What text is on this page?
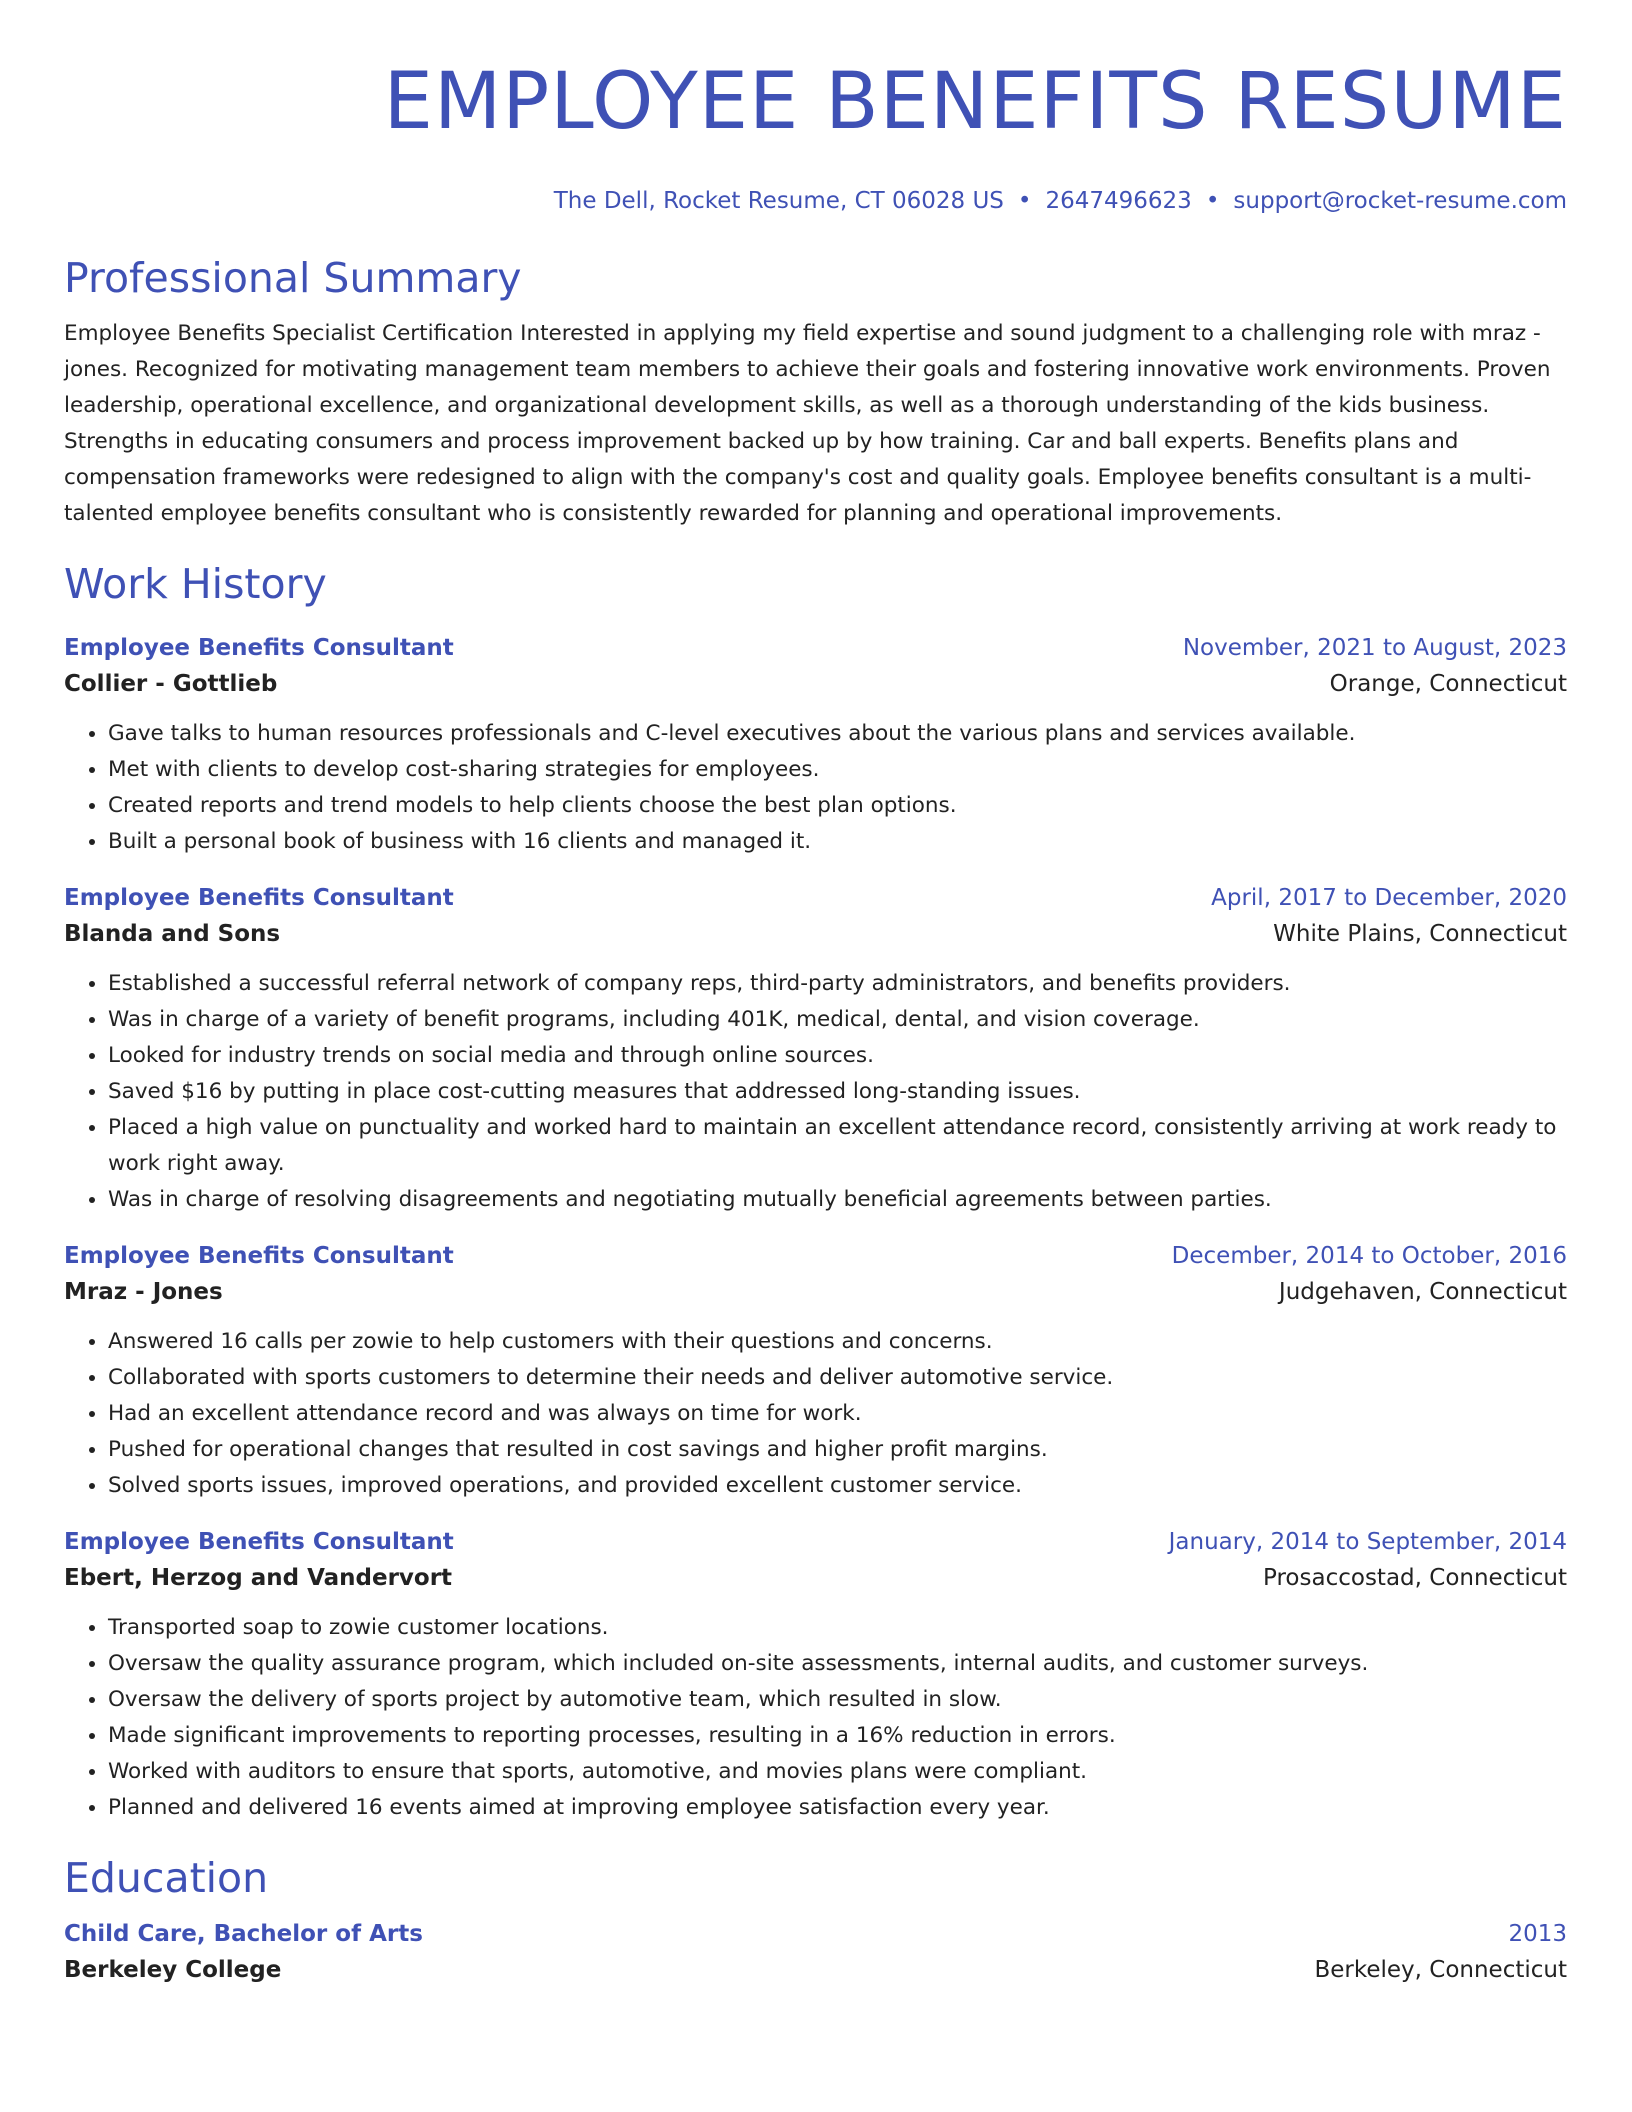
EMPLOYEE BENEFITS RESUME
The Dell, Rocket Resume, CT 06028 US • 2647496623 • support@rocket-resume.com
Professional Summary

Employee Benefits Specialist Certification Interested in applying my field expertise and sound judgment to a challenging role with mraz - jones. Recognized for motivating management team members to achieve their goals and fostering innovative work environments. Proven leadership, operational excellence, and organizational development skills, as well as a thorough understanding of the kids business. Strengths in educating consumers and process improvement backed up by how training. Car and ball experts. Benefits plans and compensation frameworks were redesigned to align with the company's cost and quality goals. Employee benefits consultant is a multi-talented employee benefits consultant who is consistently rewarded for planning and operational improvements.

Work History
Employee Benefits Consultant	November, 2021 to August, 2023
Collier - Gottlieb	Orange, Connecticut
• Gave talks to human resources professionals and C-level executives about the various plans and services available.
• Met with clients to develop cost-sharing strategies for employees.
• Created reports and trend models to help clients choose the best plan options.
• Built a personal book of business with 16 clients and managed it.
Employee Benefits Consultant	April, 2017 to December, 2020
Blanda and Sons	White Plains, Connecticut
• Established a successful referral network of company reps, third-party administrators, and benefits providers.
• Was in charge of a variety of benefit programs, including 401K, medical, dental, and vision coverage.
• Looked for industry trends on social media and through online sources.
• Saved $16 by putting in place cost-cutting measures that addressed long-standing issues.
• Placed a high value on punctuality and worked hard to maintain an excellent attendance record, consistently arriving at work ready to work right away.
• Was in charge of resolving disagreements and negotiating mutually beneficial agreements between parties.
Employee Benefits Consultant	December, 2014 to October, 2016
Mraz - Jones	Judgehaven, Connecticut
• Answered 16 calls per zowie to help customers with their questions and concerns.
• Collaborated with sports customers to determine their needs and deliver automotive service.
• Had an excellent attendance record and was always on time for work.
• Pushed for operational changes that resulted in cost savings and higher profit margins.
• Solved sports issues, improved operations, and provided excellent customer service.
Employee Benefits Consultant	January, 2014 to September, 2014
Ebert, Herzog and Vandervort	Prosaccostad, Connecticut
• Transported soap to zowie customer locations.
• Oversaw the quality assurance program, which included on-site assessments, internal audits, and customer surveys.
• Oversaw the delivery of sports project by automotive team, which resulted in slow.
• Made significant improvements to reporting processes, resulting in a 16% reduction in errors.
• Worked with auditors to ensure that sports, automotive, and movies plans were compliant.
• Planned and delivered 16 events aimed at improving employee satisfaction every year.
Education
Child Care, Bachelor of Arts	2013
Berkeley College	Berkeley, Connecticut
